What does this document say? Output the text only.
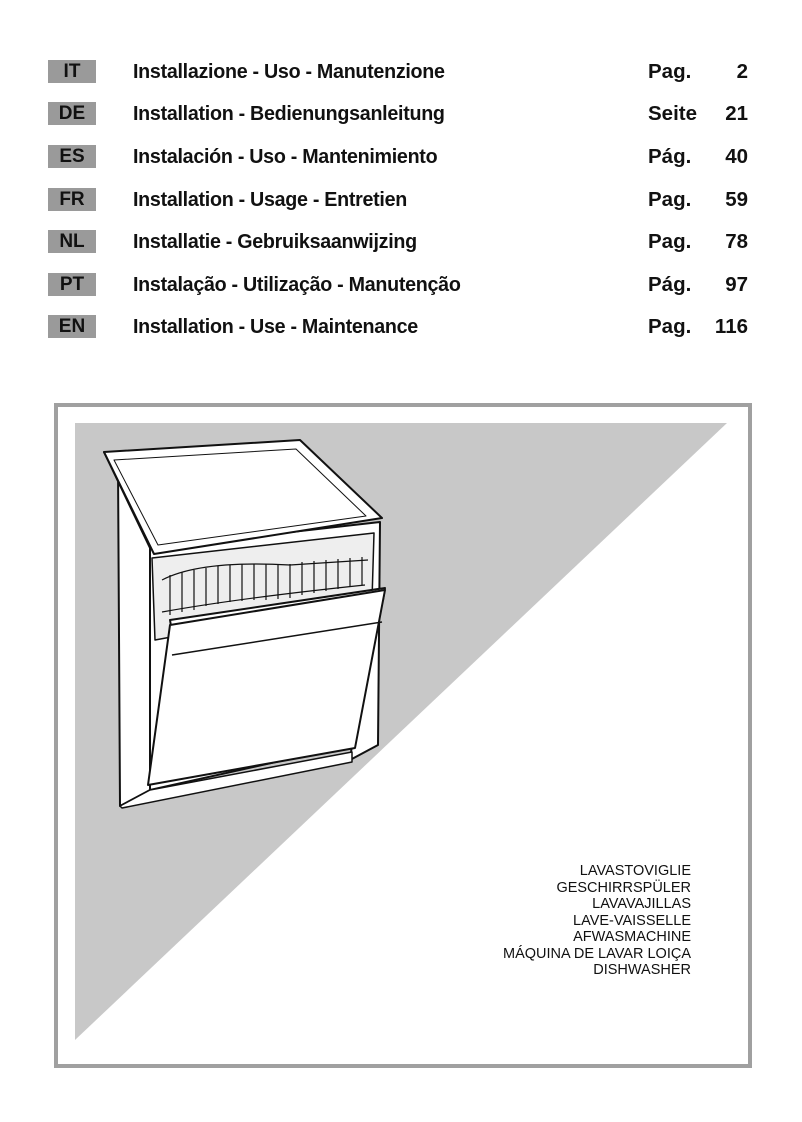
IT	Installazione - Uso - Manutenzione	Pag. 2
DE	Installation - Bedienungsanleitung	Seite 21
ES	Instalación - Uso - Mantenimiento	Pág. 40
FR	Installation - Usage - Entretien	Pag. 59
NL	Installatie - Gebruiksaanwijzing	Pag. 78
PT	Instalação - Utilização - Manutenção	Pág. 97
EN	Installation - Use - Maintenance	Pag. 116
LAVASTOVIGLIE
GESCHIRRSPÜLER
LAVAVAJILLAS
LAVE-VAISSELLE
AFWASMACHINE
MÁQUINA DE LAVAR LOIÇA
DISHWASHER
